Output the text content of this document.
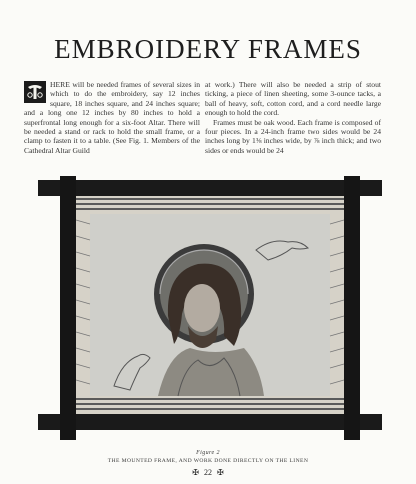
EMBROIDERY FRAMES
HERE will be needed frames of several sizes in which to do the embroidery, say 12 inches square, 18 inches square, and 24 inches square; and a long one 12 inches by 80 inches to hold a superfrontal long enough for a six-foot Altar. There will be needed a stand or rack to hold the small frame, or a clamp to fasten it to a table. (See Fig. 1. Members of the Cathedral Altar Guild
at work.) There will also be needed a strip of stout ticking, a piece of linen sheeting, some 3-ounce tacks, a ball of heavy, soft, cotton cord, and a cord needle large enough to hold the cord.
Frames must be oak wood. Each frame is composed of four pieces. In a 24-inch frame two sides would be 24 inches long by 1⅜ inches wide, by ⅞ inch thick; and two sides or ends would be 24
Figure 2
THE MOUNTED FRAME, AND WORK DONE DIRECTLY ON THE LINEN
✠ 22 ✠
